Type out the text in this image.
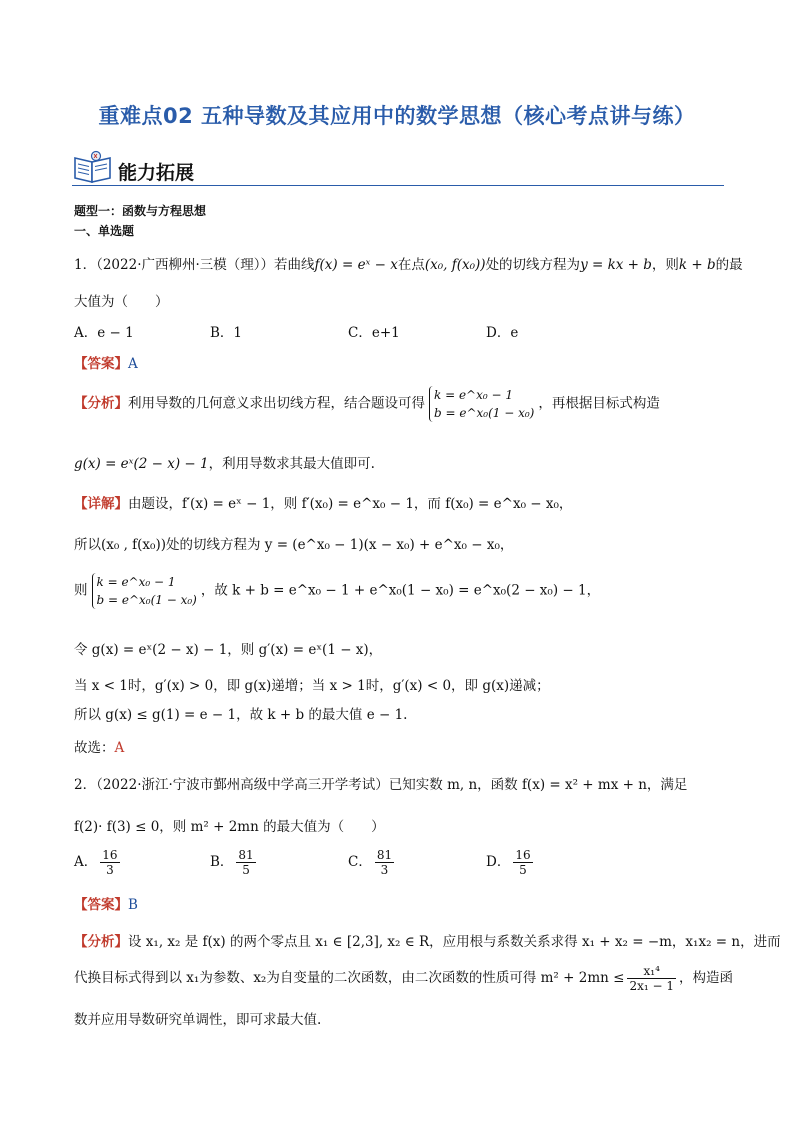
重难点02 五种导数及其应用中的数学思想（核心考点讲与练）
能力拓展
题型一：函数与方程思想
一、单选题
1．（2022·广西柳州·三模（理））若曲线f(x) = eˣ − x在点(x₀, f(x₀))处的切线方程为y = kx + b，则k + b的最
大值为（　　）
A．e − 1	B．1	C．e+1	D．e
【答案】A
【分析】利用导数的几何意义求出切线方程，结合题设可得k = e^x₀ − 1
b = e^x₀(1 − x₀)，再根据目标式构造
g(x) = eˣ(2 − x) − 1，利用导数求其最大值即可.
【详解】由题设，f′(x) = eˣ − 1，则 f′(x₀) = e^x₀ − 1，而 f(x₀) = e^x₀ − x₀，
所以(x₀ , f(x₀))处的切线方程为 y = (e^x₀ − 1)(x − x₀) + e^x₀ − x₀，
则k = e^x₀ − 1
b = e^x₀(1 − x₀)，故 k + b = e^x₀ − 1 + e^x₀(1 − x₀) = e^x₀(2 − x₀) − 1，
令 g(x) = eˣ(2 − x) − 1，则 g′(x) = eˣ(1 − x)，
当 x < 1时，g′(x) > 0，即 g(x)递增；当 x > 1时，g′(x) < 0，即 g(x)递减；
所以 g(x) ≤ g(1) = e − 1，故 k + b 的最大值 e − 1.
故选：A
2．（2022·浙江·宁波市鄞州高级中学高三开学考试）已知实数 m, n，函数 f(x) = x² + mx + n，满足
f(2)· f(3) ≤ 0，则 m² + 2mn 的最大值为（　　）
A． $\frac{16}{3}$	B． $\frac{81}{5}$	C． $\frac{81}{3}$	D． $\frac{16}{5}$
【答案】B
【分析】设 x₁, x₂ 是 f(x) 的两个零点且 x₁ ∈ [2,3], x₂ ∈ R，应用根与系数关系求得 x₁ + x₂ = −m，x₁x₂ = n，进而
代换目标式得到以 x₁为参数、x₂为自变量的二次函数，由二次函数的性质可得 $m^2 + 2mn \le \frac{\text{x₁⁴}}{\text{2x₁ − 1}}$ ，构造函
数并应用导数研究单调性，即可求最大值.
